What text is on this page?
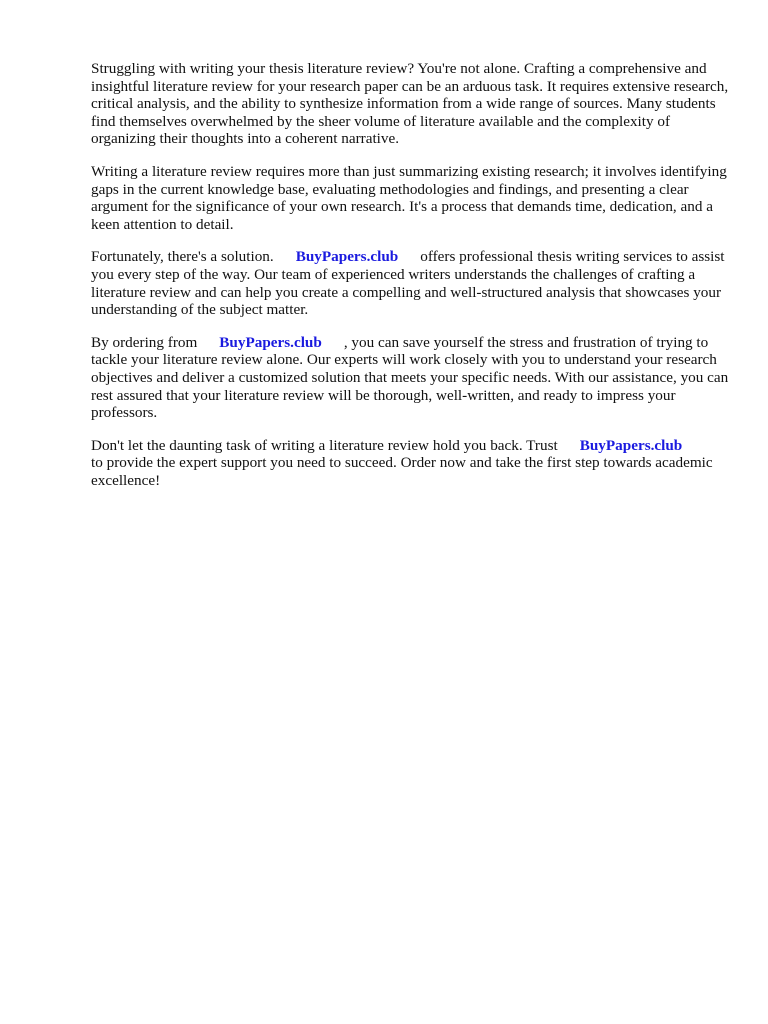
Struggling with writing your thesis literature review? You're not alone. Crafting a comprehensive and insightful literature review for your research paper can be an arduous task. It requires extensive research, critical analysis, and the ability to synthesize information from a wide range of sources. Many students find themselves overwhelmed by the sheer volume of literature available and the complexity of organizing their thoughts into a coherent narrative.

Writing a literature review requires more than just summarizing existing research; it involves identifying gaps in the current knowledge base, evaluating methodologies and findings, and presenting a clear argument for the significance of your own research. It's a process that demands time, dedication, and a keen attention to detail.

Fortunately, there's a solution. BuyPapers.club offers professional thesis writing services to assist you every step of the way. Our team of experienced writers understands the challenges of crafting a literature review and can help you create a compelling and well-structured analysis that showcases your understanding of the subject matter.

By ordering from BuyPapers.club , you can save yourself the stress and frustration of trying to tackle your literature review alone. Our experts will work closely with you to understand your research objectives and deliver a customized solution that meets your specific needs. With our assistance, you can rest assured that your literature review will be thorough, well-written, and ready to impress your professors.

Don't let the daunting task of writing a literature review hold you back. Trust BuyPapers.club
to provide the expert support you need to succeed. Order now and take the first step towards academic excellence!
